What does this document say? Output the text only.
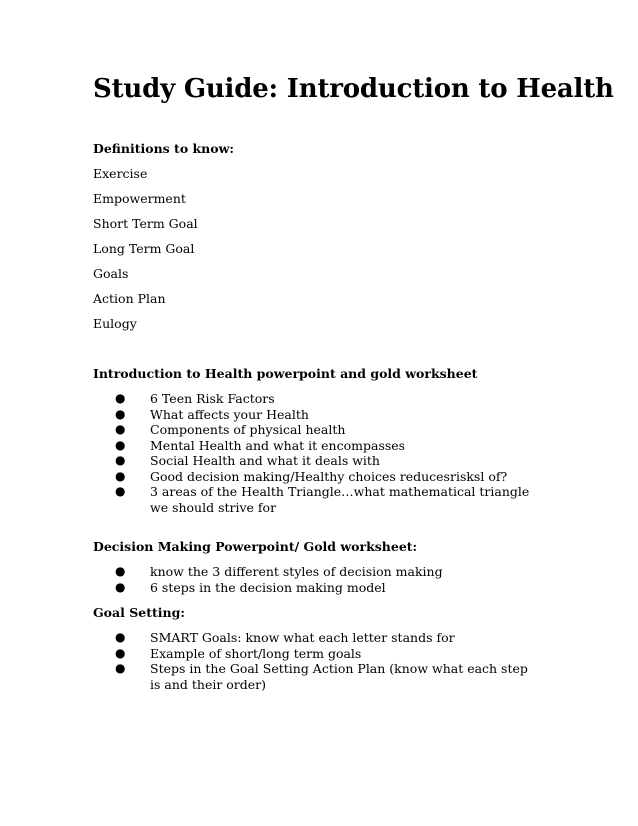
Study Guide: Introduction to Health

Definitions to know:

Exercise

Empowerment

Short Term Goal

Long Term Goal

Goals

Action Plan

Eulogy

Introduction to Health powerpoint and gold worksheet

● 6 Teen Risk Factors
● What affects your Health
● Components of physical health
● Mental Health and what it encompasses
● Social Health and what it deals with
● Good decision making/Healthy choices reducesrisksl of?
● 3 areas of the Health Triangle…what mathematical triangle we should strive for

Decision Making Powerpoint/ Gold worksheet:

● know the 3 different styles of decision making
● 6 steps in the decision making model

Goal Setting:

● SMART Goals: know what each letter stands for
● Example of short/long term goals
● Steps in the Goal Setting Action Plan (know what each step is and their order)
